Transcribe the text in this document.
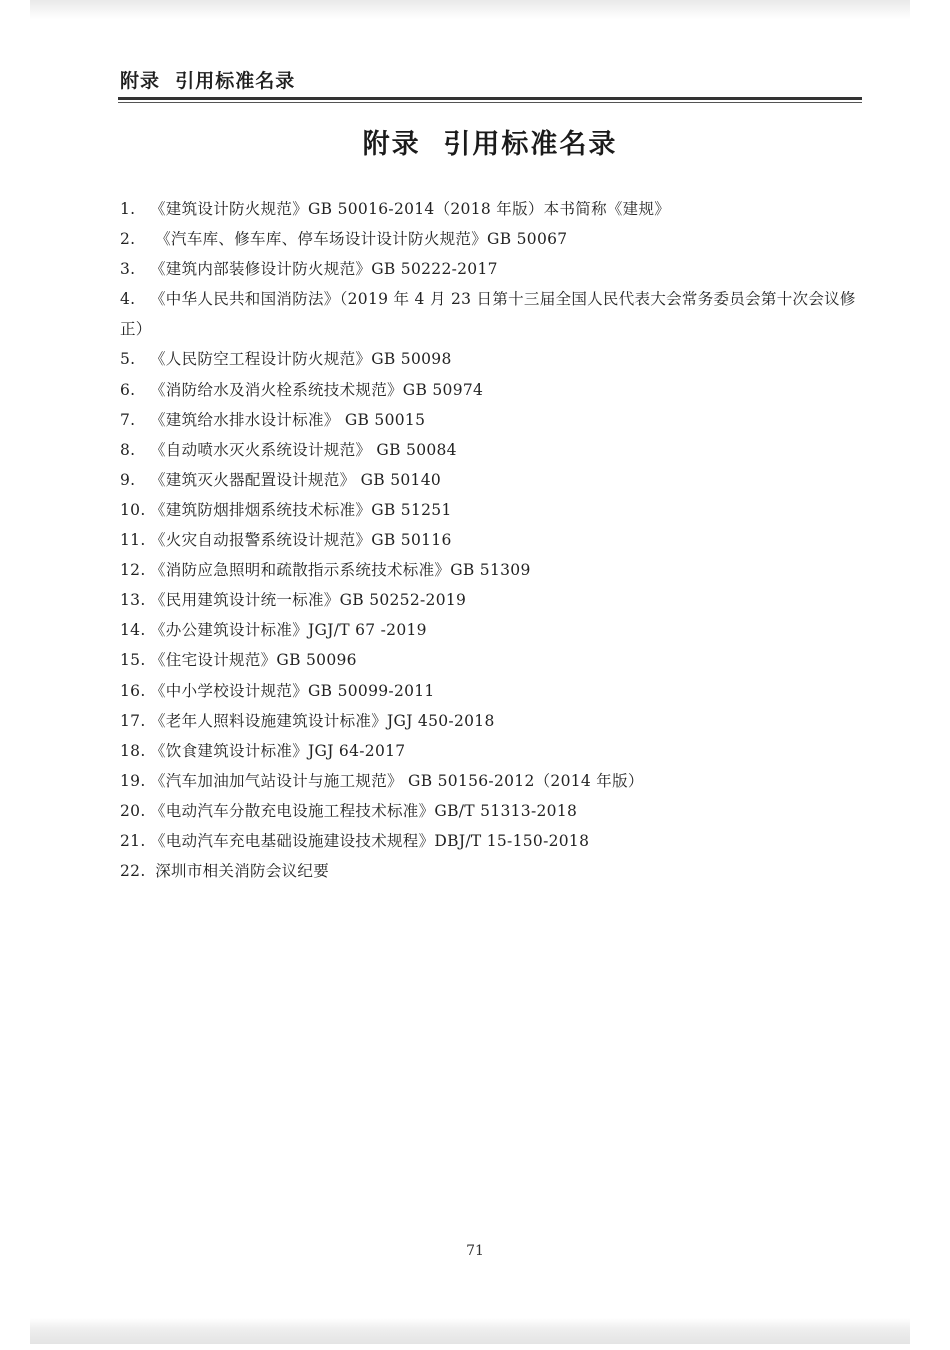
附录  引用标准名录
附录  引用标准名录
1. 《建筑设计防火规范》GB 50016-2014（2018 年版）本书简称《建规》
2. 《汽车库、修车库、停车场设计设计防火规范》GB 50067
3. 《建筑内部装修设计防火规范》GB 50222-2017
4. 《中华人民共和国消防法》（2019 年 4 月 23 日第十三届全国人民代表大会常务委员会第十次会议修正）
5. 《人民防空工程设计防火规范》GB 50098
6. 《消防给水及消火栓系统技术规范》GB 50974
7. 《建筑给水排水设计标准》 GB 50015
8. 《自动喷水灭火系统设计规范》 GB 50084
9. 《建筑灭火器配置设计规范》 GB 50140
10. 《建筑防烟排烟系统技术标准》GB 51251
11. 《火灾自动报警系统设计规范》GB 50116
12. 《消防应急照明和疏散指示系统技术标准》GB 51309
13. 《民用建筑设计统一标准》GB 50252-2019
14. 《办公建筑设计标准》JGJ/T 67 -2019
15. 《住宅设计规范》GB 50096
16. 《中小学校设计规范》GB 50099-2011
17. 《老年人照料设施建筑设计标准》JGJ 450-2018
18. 《饮食建筑设计标准》JGJ 64-2017
19. 《汽车加油加气站设计与施工规范》 GB 50156-2012（2014 年版）
20. 《电动汽车分散充电设施工程技术标准》GB/T 51313-2018
21. 《电动汽车充电基础设施建设技术规程》DBJ/T 15-150-2018
22. 深圳市相关消防会议纪要
71
